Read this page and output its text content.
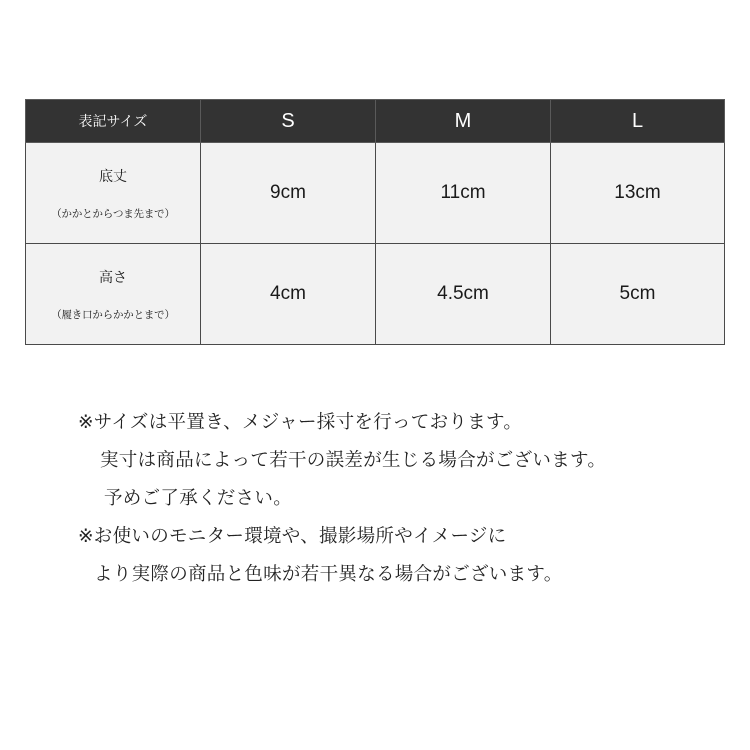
表記サイズ	S	M	L

底丈
（かかとからつま先まで）	9cm	11cm	13cm

高さ
（履き口からかかとまで）	4cm	4.5cm	5cm
※サイズは平置き、メジャー採寸を行っております。
実寸は商品によって若干の誤差が生じる場合がございます。
予めご了承ください。
※お使いのモニター環境や、撮影場所やイメージに
より実際の商品と色味が若干異なる場合がございます。
